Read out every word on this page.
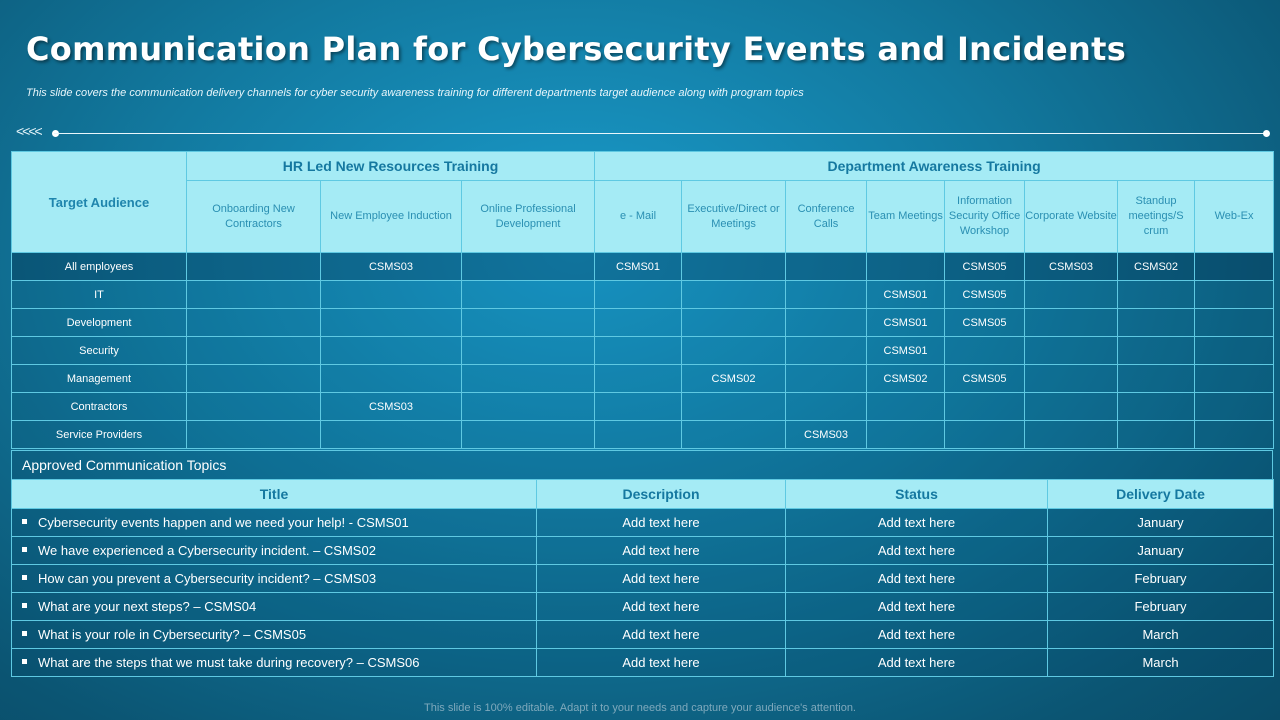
Communication Plan for Cybersecurity Events and Incidents

This slide covers the communication delivery channels for cyber security awareness training for different departments target audience along with program topics

<<<<
Target Audience	HR Led New Resources Training			Department Awareness Training							
	Onboarding New Contractors	New Employee Induction	Online Professional Development	e - Mail	Executive/Direct or Meetings	Conference Calls	Team Meetings	Information Security Office Workshop	Corporate Website	Standup meetings/S crum	Web-Ex
All employees		CSMS03		CSMS01				CSMS05	CSMS03	CSMS02	
IT							CSMS01	CSMS05			
Development							CSMS01	CSMS05			
Security							CSMS01				
Management					CSMS02		CSMS02	CSMS05			
Contractors		CSMS03									
Service Providers						CSMS03					
Approved Communication Topics
Title	Description	Status	Delivery Date
Cybersecurity events happen and we need your help! - CSMS01	Add text here	Add text here	January
We have experienced a Cybersecurity incident. – CSMS02	Add text here	Add text here	January
How can you prevent a Cybersecurity incident? – CSMS03	Add text here	Add text here	February
What are your next steps? – CSMS04	Add text here	Add text here	February
What is your role in Cybersecurity? – CSMS05	Add text here	Add text here	March
What are the steps that we must take during recovery? – CSMS06	Add text here	Add text here	March
This slide is 100% editable. Adapt it to your needs and capture your audience's attention.
